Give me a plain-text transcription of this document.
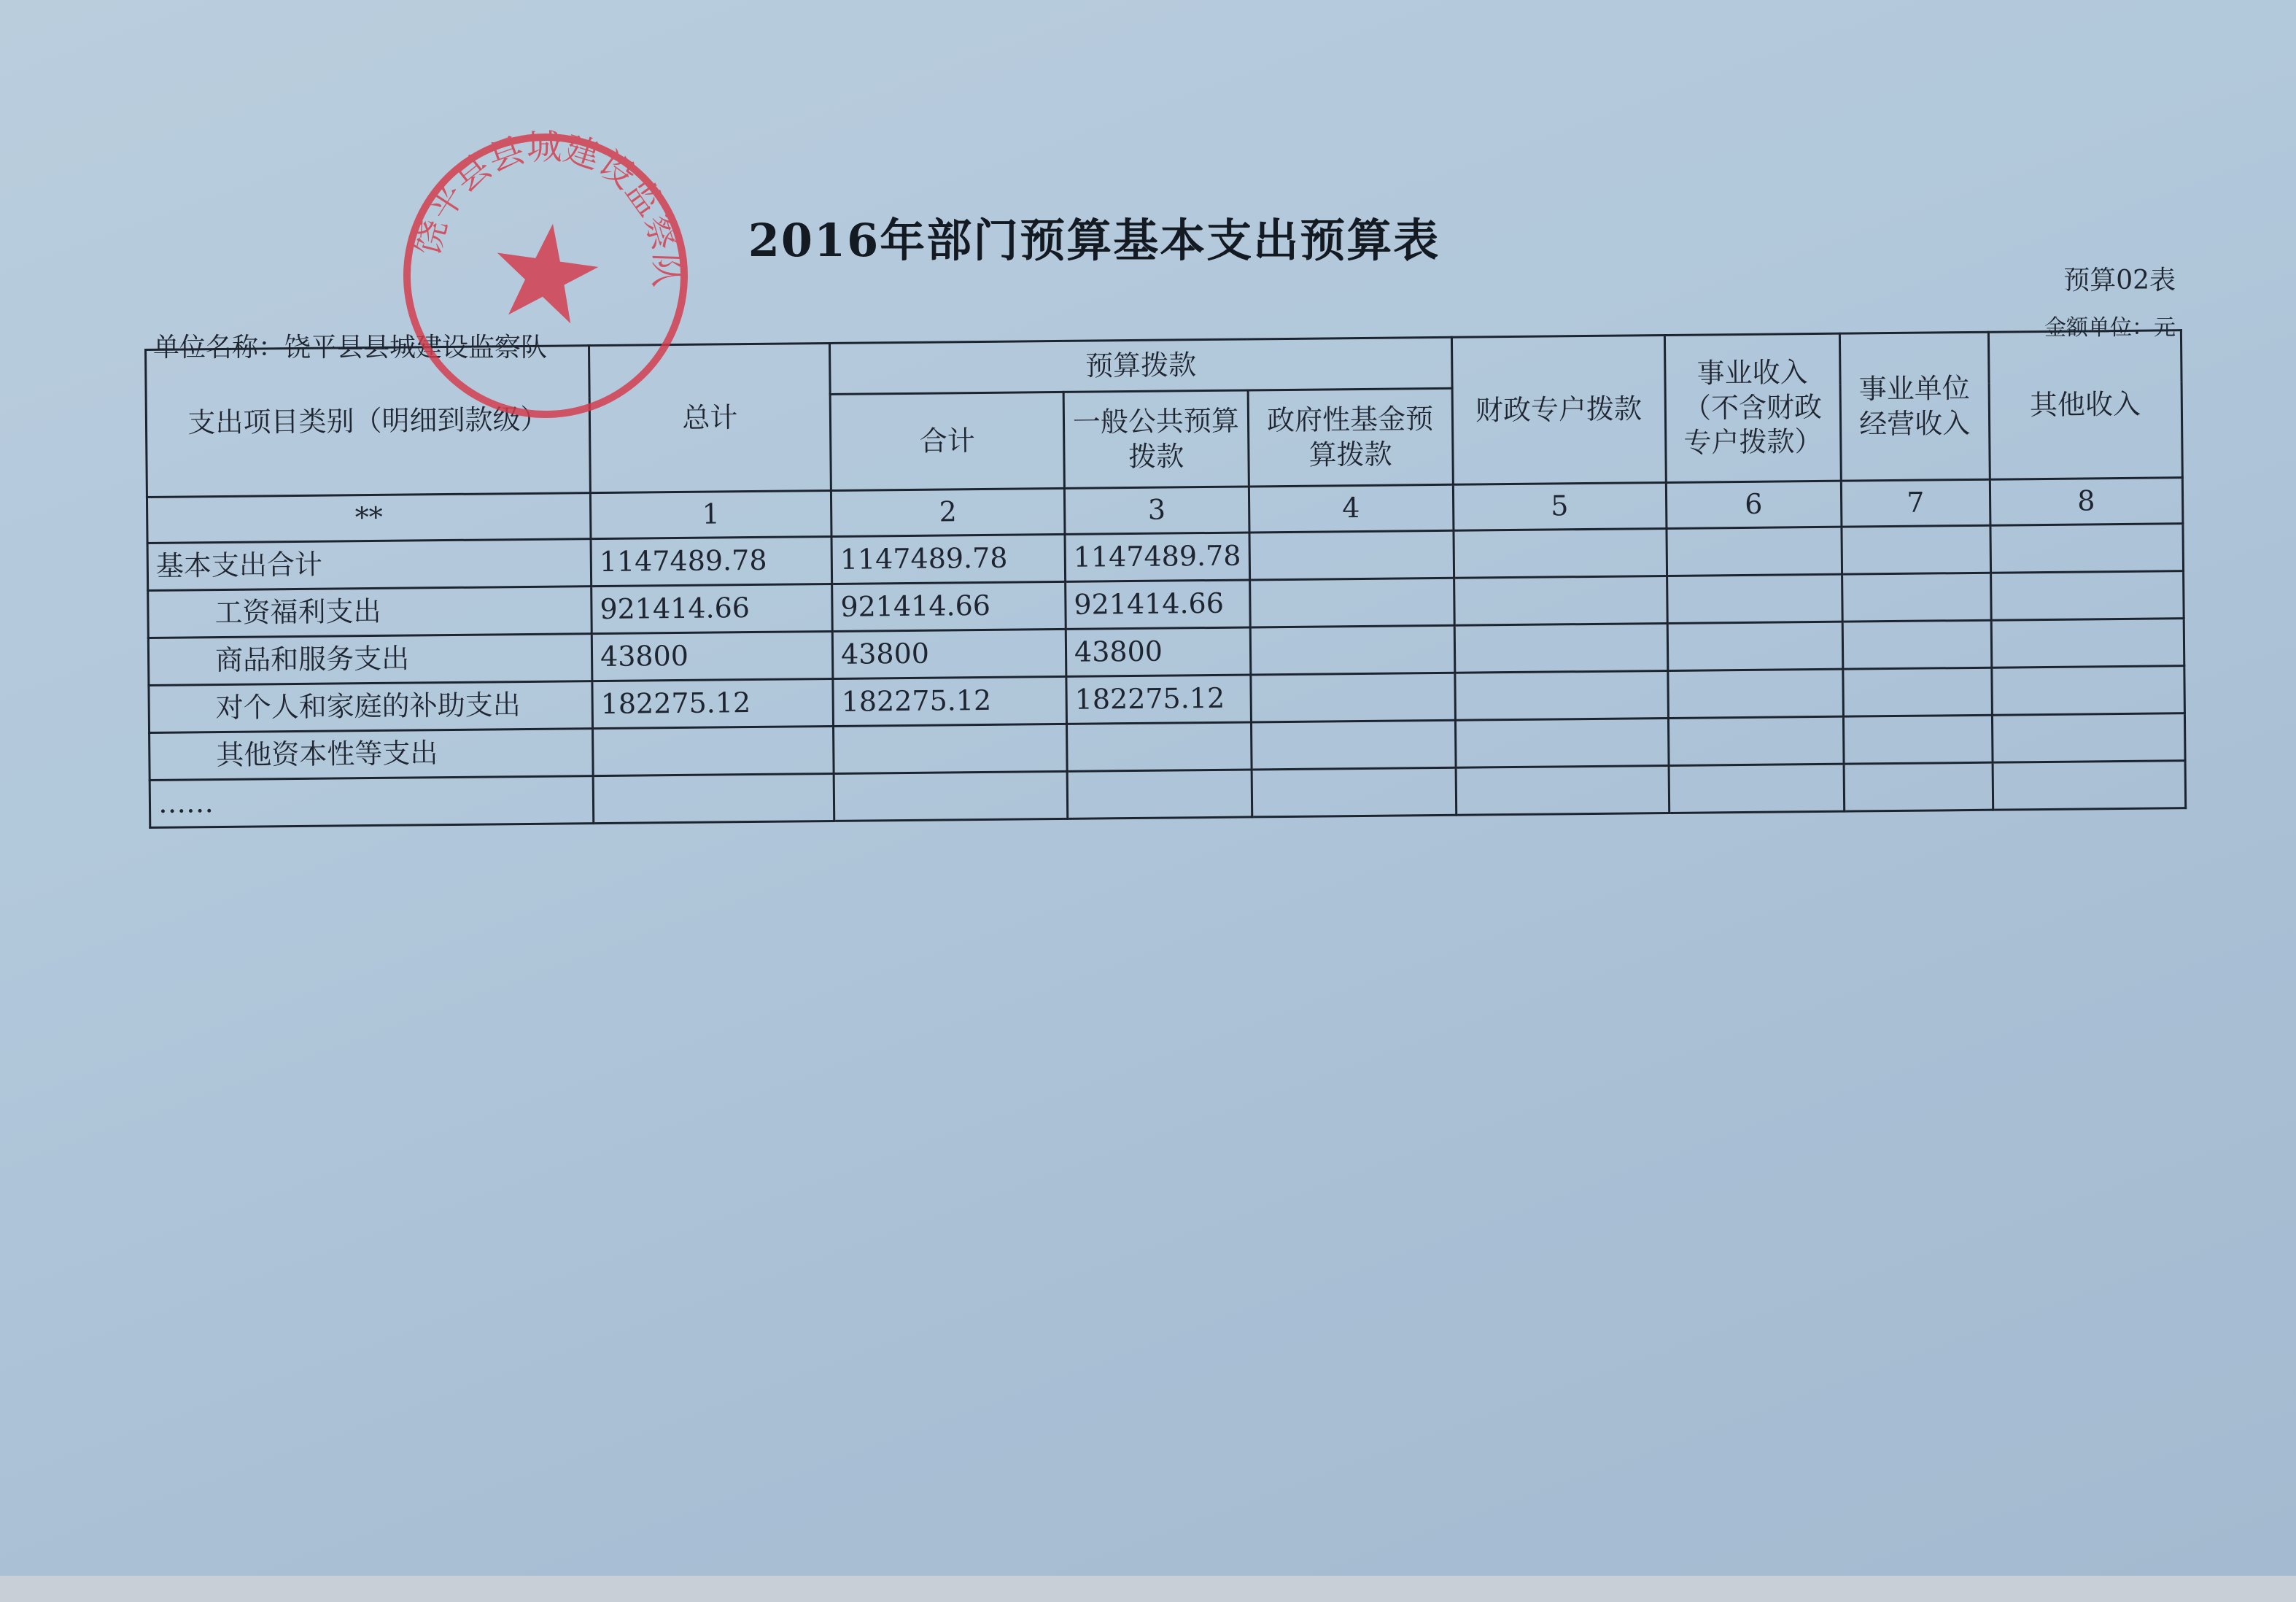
2016年部门预算基本支出预算表
预算02表
金额单位：元
单位名称：饶平县县城建设监察队
支出项目类别（明细到款级）	总计	预算拨款			财政专户拨款	事业收入（不含财政专户拨款）	事业单位经营收入	其他收入
		合计	一般公共预算拨款	政府性基金预算拨款				
**	1	2	3	4	5	6	7	8
基本支出合计	1147489.78	1147489.78	1147489.78					
工资福利支出	921414.66	921414.66	921414.66					
商品和服务支出	43800	43800	43800					
对个人和家庭的补助支出	182275.12	182275.12	182275.12					
其他资本性等支出								
……								
饶平县县城建设监察队
